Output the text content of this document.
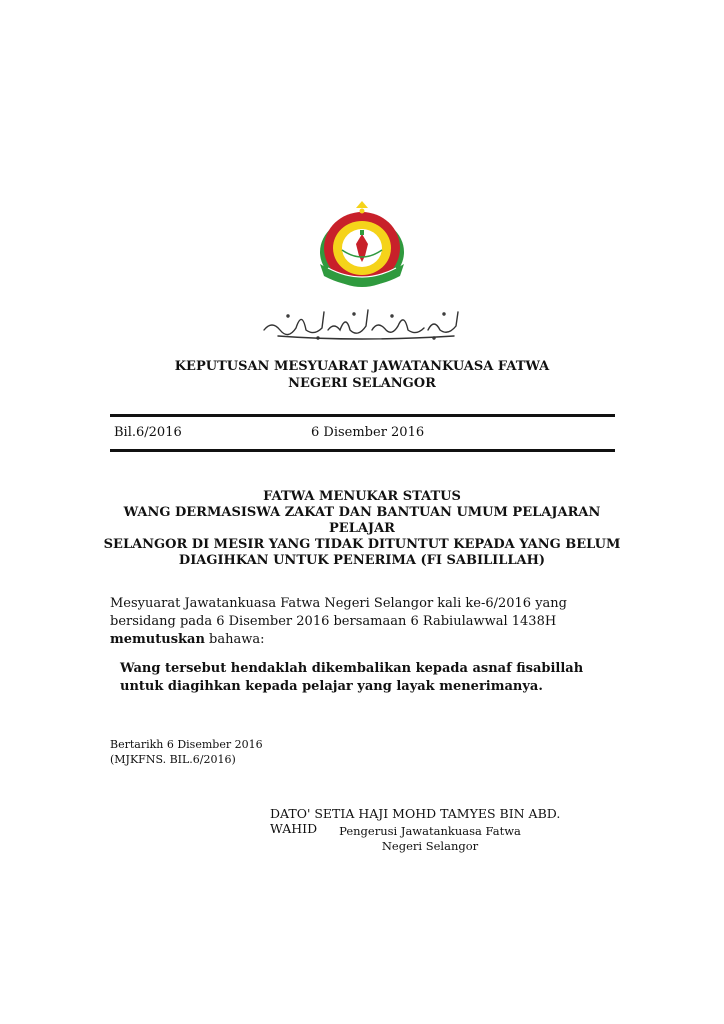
KEPUTUSAN MESYUARAT JAWATANKUASA FATWA
NEGERI SELANGOR
Bil.6/2016	6 Disember 2016
FATWA MENUKAR STATUS
WANG DERMASISWA ZAKAT DAN BANTUAN UMUM PELAJARAN PELAJAR
SELANGOR DI MESIR YANG TIDAK DITUNTUT KEPADA YANG BELUM
DIAGIHKAN UNTUK PENERIMA (FI SABILILLAH)
Mesyuarat Jawatankuasa Fatwa Negeri Selangor kali ke-6/2016 yang bersidang pada 6 Disember 2016 bersamaan 6 Rabiulawwal 1438H memutuskan bahawa:
Wang tersebut hendaklah dikembalikan kepada asnaf fisabillah untuk diagihkan kepada pelajar yang layak menerimanya.
Bertarikh 6 Disember 2016
(MJKFNS. BIL.6/2016)
DATO' SETIA HAJI MOHD TAMYES BIN ABD. WAHID	Pengerusi Jawatankuasa Fatwa
Negeri Selangor
